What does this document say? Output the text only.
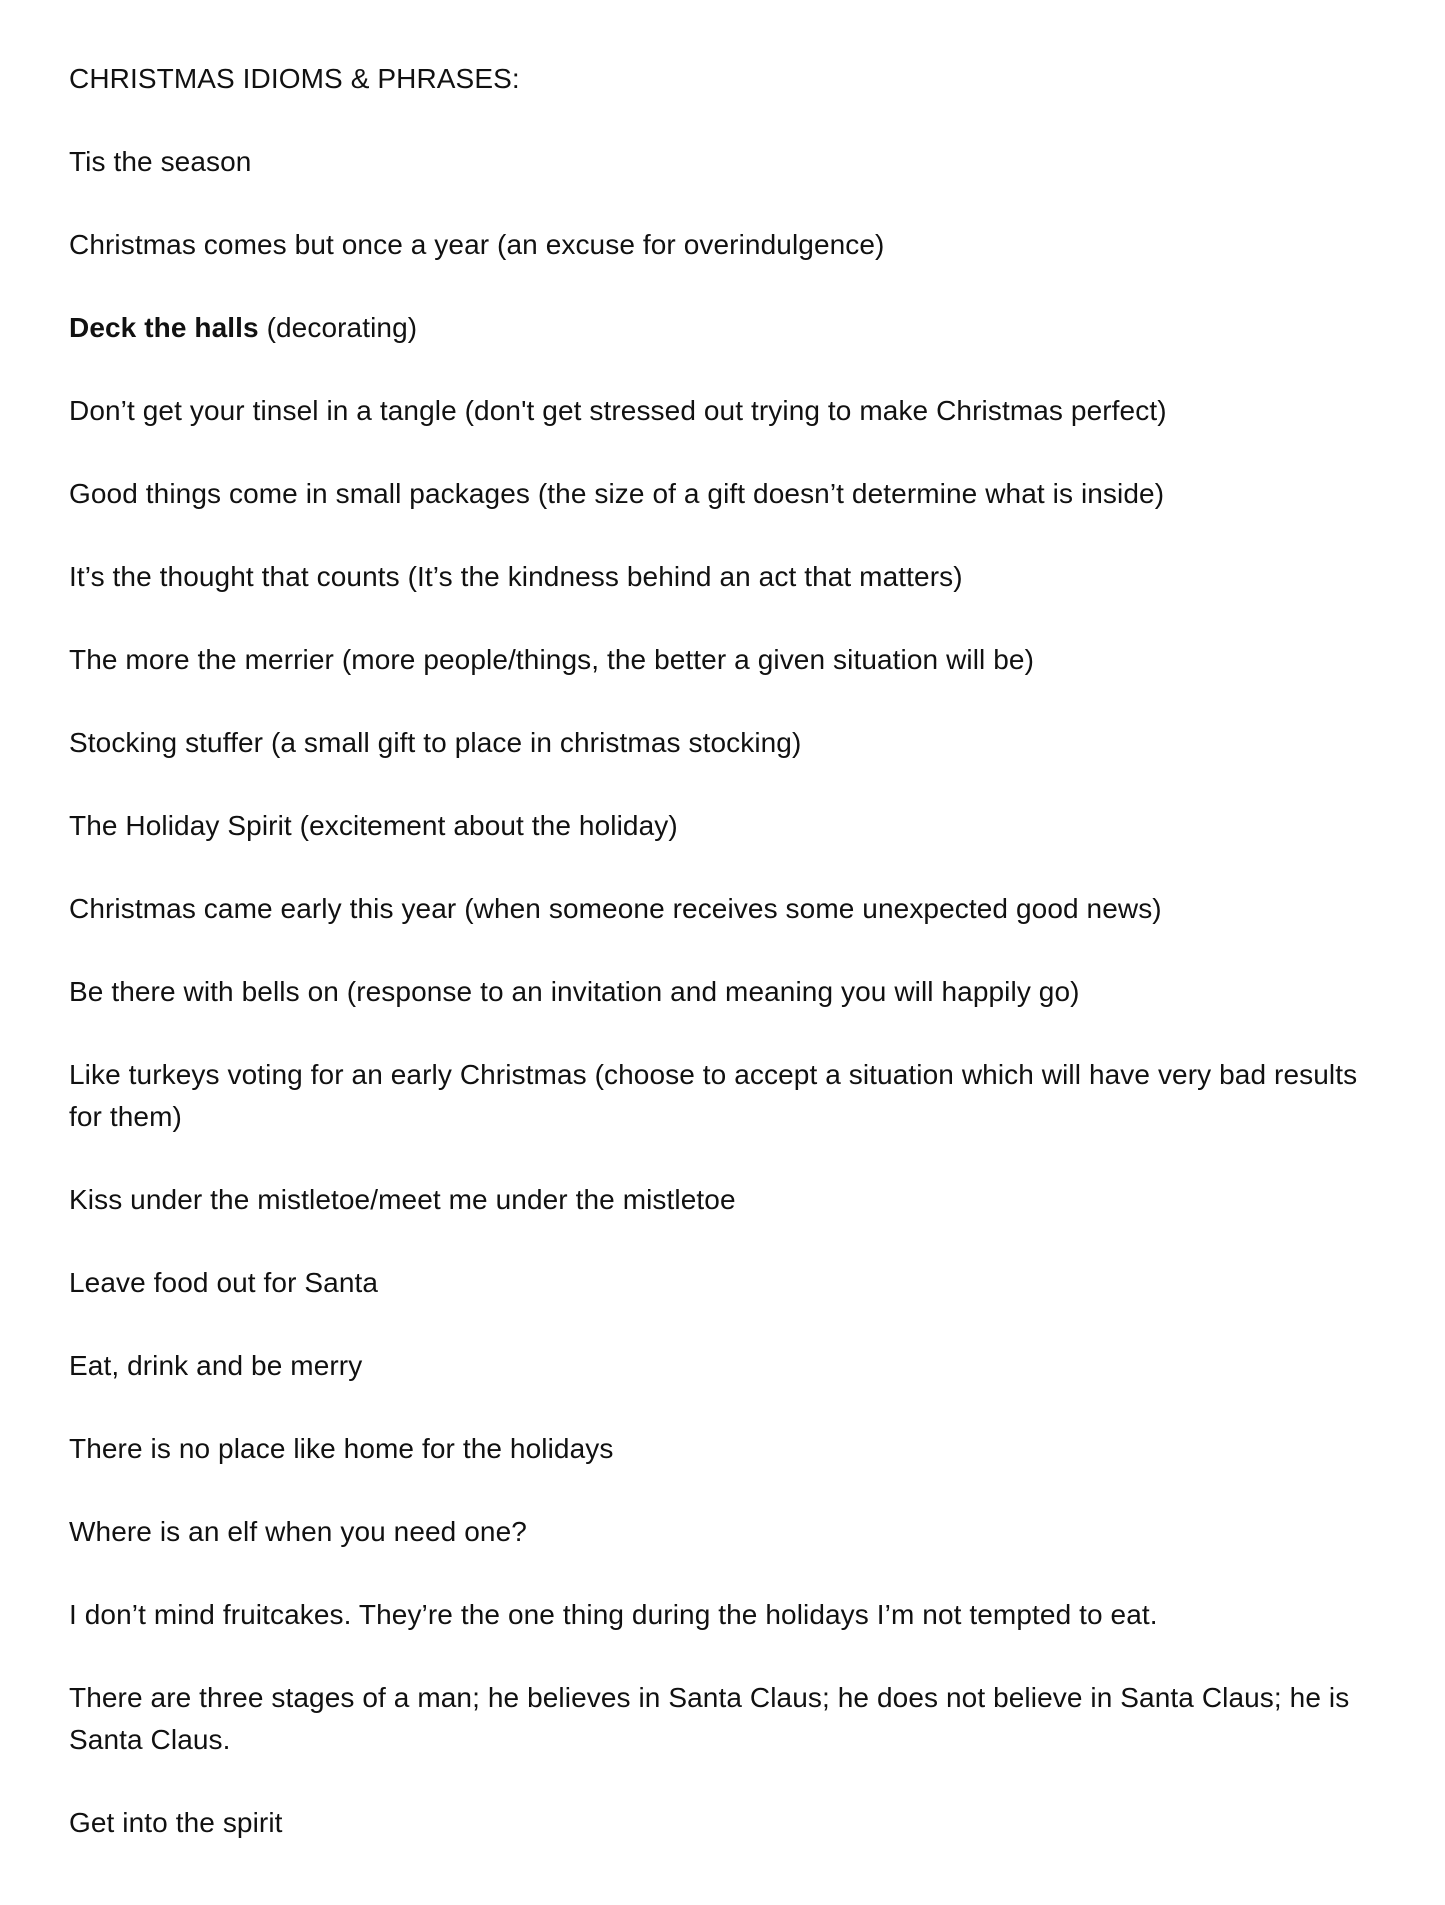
CHRISTMAS IDIOMS & PHRASES:
Tis the season
Christmas comes but once a year (an excuse for overindulgence)
Deck the halls (decorating)
Don’t get your tinsel in a tangle (don't get stressed out trying to make Christmas perfect)
Good things come in small packages (the size of a gift doesn’t determine what is inside)
It’s the thought that counts (It’s the kindness behind an act that matters)
The more the merrier (more people/things, the better a given situation will be)
Stocking stuffer (a small gift to place in christmas stocking)
The Holiday Spirit (excitement about the holiday)
Christmas came early this year (when someone receives some unexpected good news)
Be there with bells on (response to an invitation and meaning you will happily go)
Like turkeys voting for an early Christmas (choose to accept a situation which will have very bad results for them)
Kiss under the mistletoe/meet me under the mistletoe
Leave food out for Santa
Eat, drink and be merry
There is no place like home for the holidays
Where is an elf when you need one?
I don’t mind fruitcakes. They’re the one thing during the holidays I’m not tempted to eat.
There are three stages of a man; he believes in Santa Claus; he does not believe in Santa Claus; he is Santa Claus.
Get into the spirit
